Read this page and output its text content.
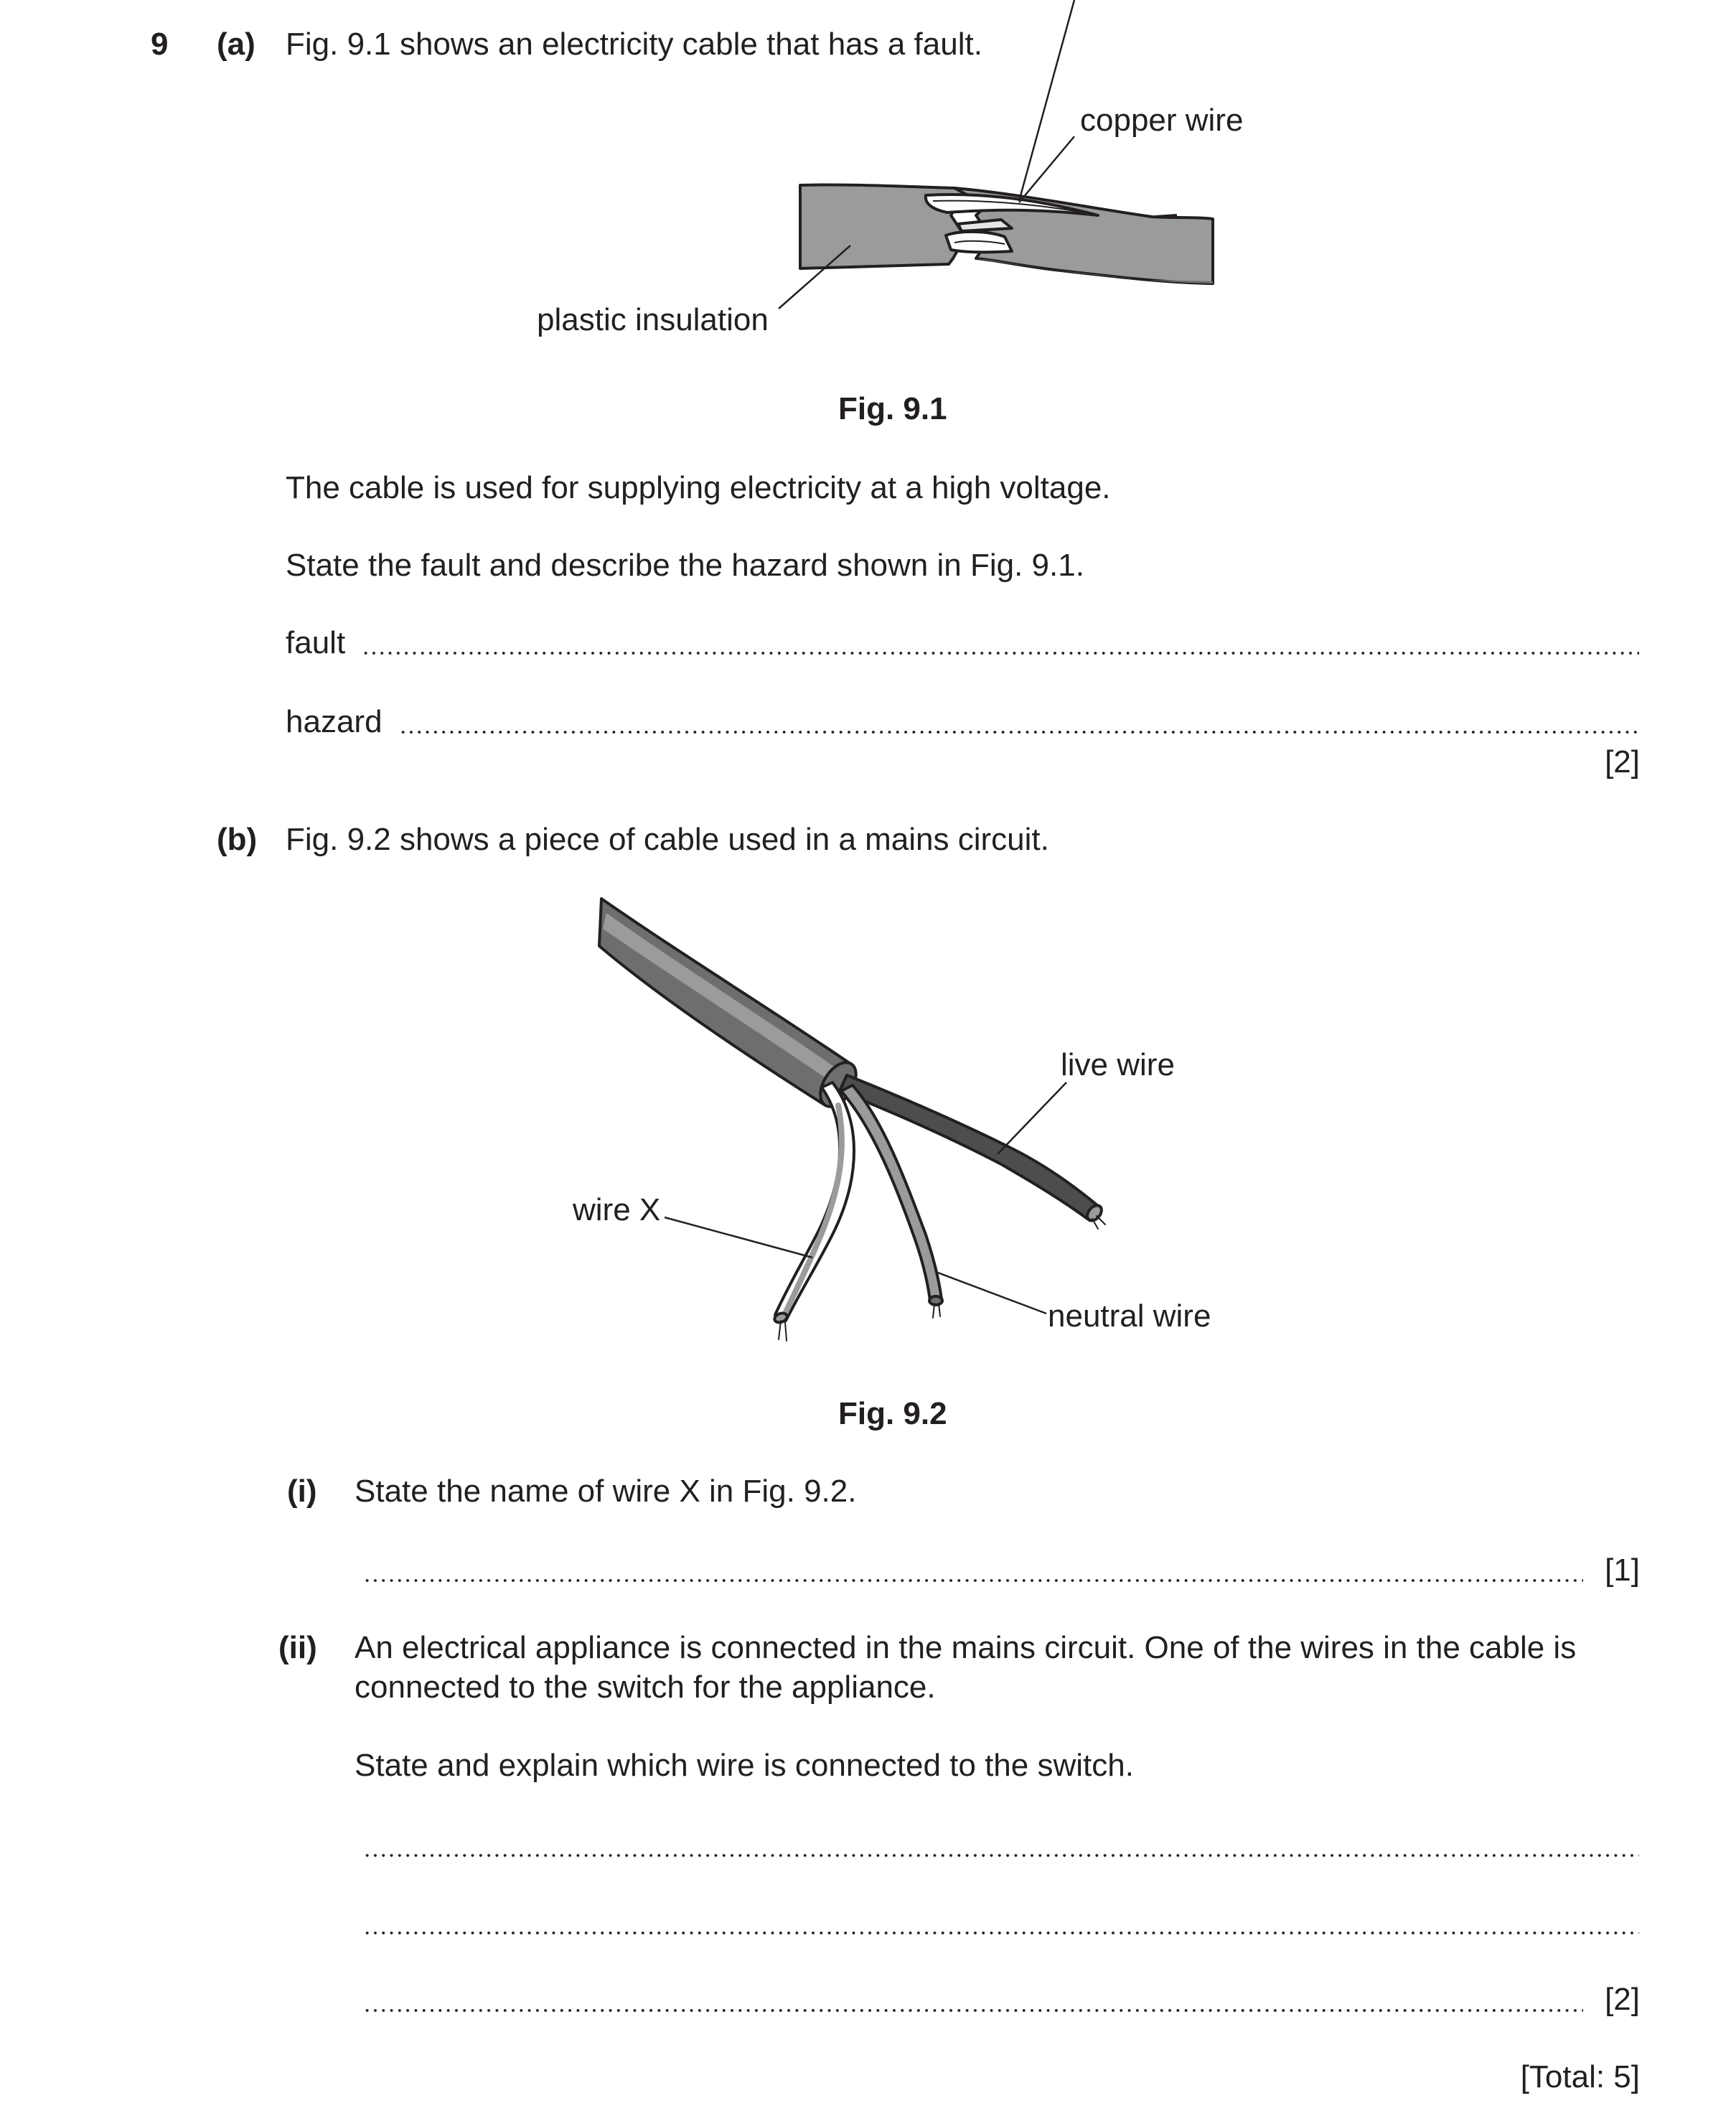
9 (a) Fig. 9.1 shows an electricity cable that has a fault.
copper wire
plastic insulation
Fig. 9.1
The cable is used for supplying electricity at a high voltage.
State the fault and describe the hazard shown in Fig. 9.1.
fault
hazard
[2]
(b) Fig. 9.2 shows a piece of cable used in a mains circuit.
live wire
wire X
neutral wire
Fig. 9.2
(i) State the name of wire X in Fig. 9.2.
[1]
(ii) An electrical appliance is connected in the mains circuit. One of the wires in the cable is
connected to the switch for the appliance.
State and explain which wire is connected to the switch.
[2]
[Total: 5]
